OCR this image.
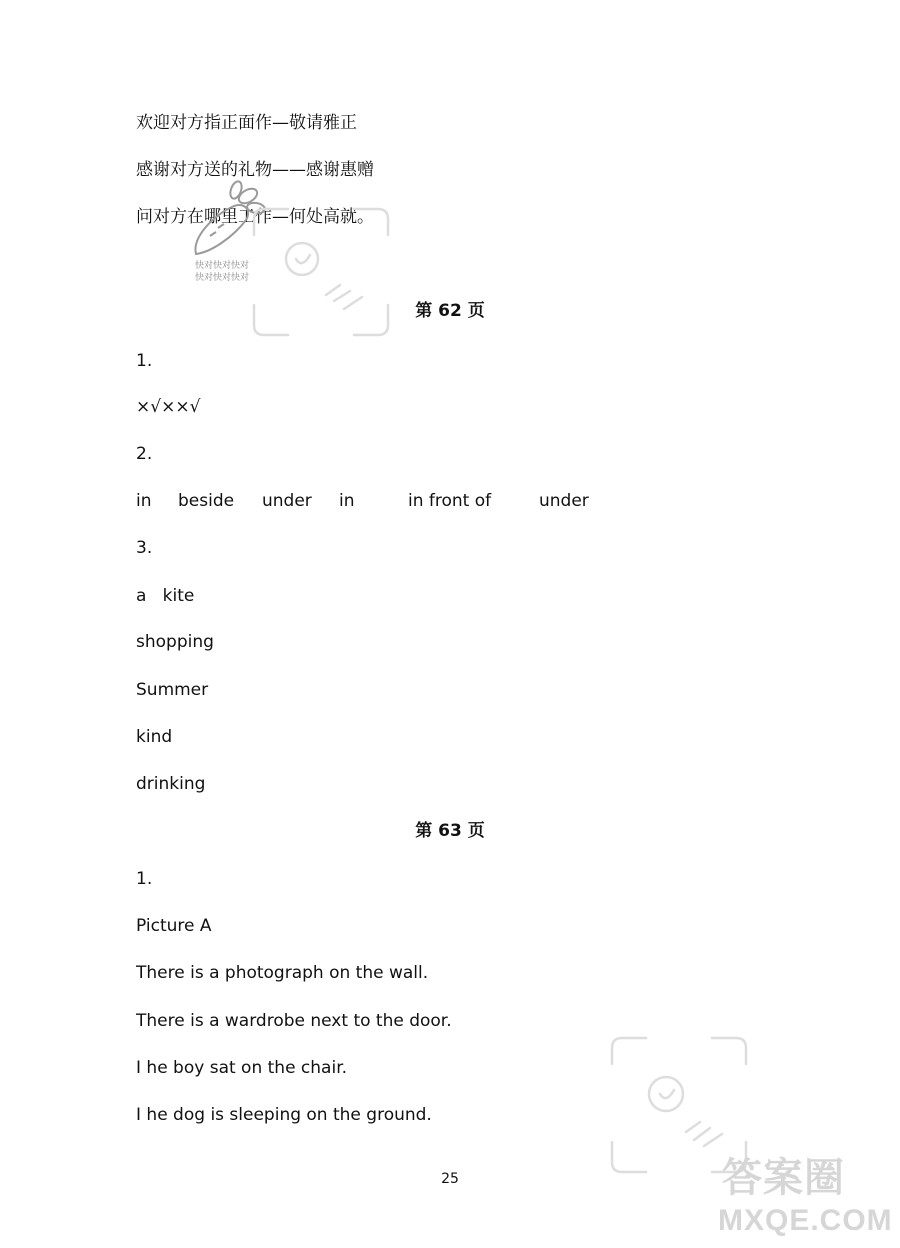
欢迎对方指正面作—敬请雅正
感谢对方送的礼物——感谢惠赠
问对方在哪里工作—何处高就。
快对快对快对
快对快对快对
第 62 页
1.
×√××√
2.
in beside under in	in front of	under
3.
a   kite
shopping
Summer
kind
drinking
第 63 页
1.
Picture A
There is a photograph on the wall.
There is a wardrobe next to the door.
I he boy sat on the chair.
I he dog is sleeping on the ground.
25	答案圈
MXQE.COM
